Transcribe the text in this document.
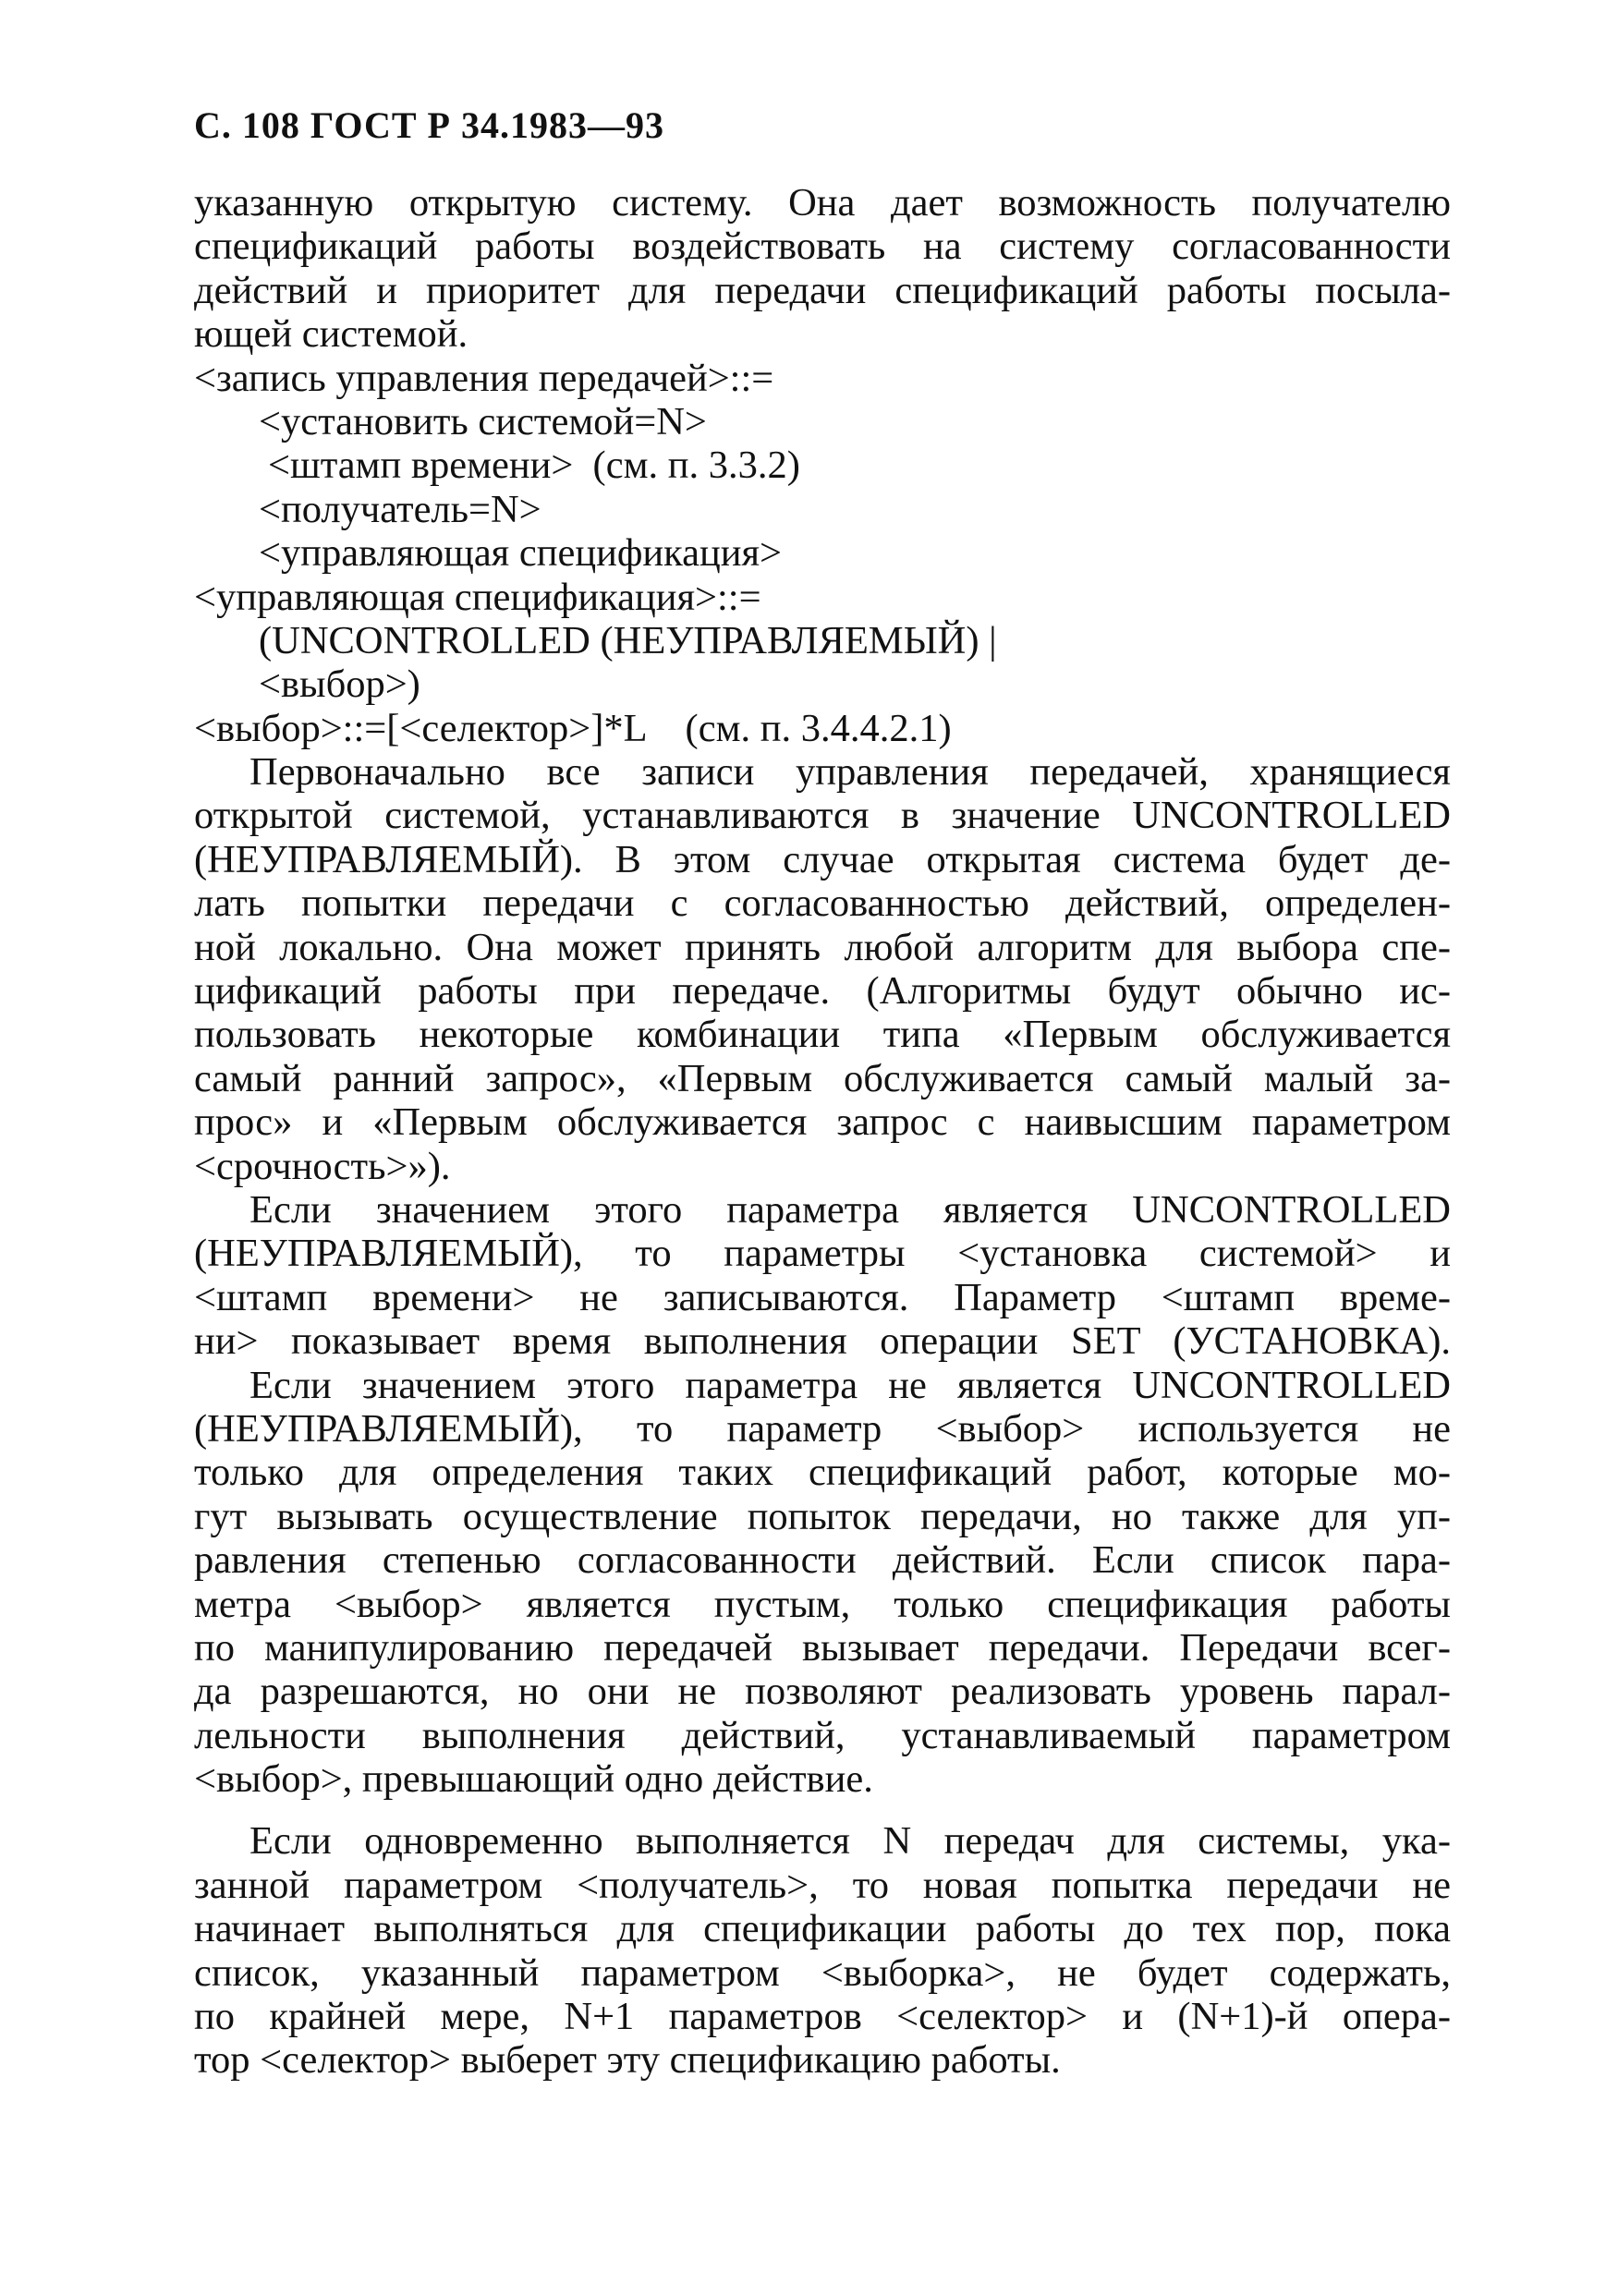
С. 108 ГОСТ Р 34.1983—93
указанную открытую систему. Она дает возможность получателю
спецификаций работы воздействовать на систему согласованности
действий и приоритет для передачи спецификаций работы посыла-
ющей системой.
<запись управления передачей>::=
<установить системой=N>
<штамп времени>  (см. п. 3.3.2)
<получатель=N>
<управляющая спецификация>
<управляющая спецификация>::=
(UNCONTROLLED (НЕУПРАВЛЯЕМЫЙ) |
<выбор>)
<выбор>::=[<селектор>]*L    (см. п. 3.4.4.2.1)
Первоначально все записи управления передачей, хранящиеся
открытой системой, устанавливаются в значение UNCONTROLLED
(НЕУПРАВЛЯЕМЫЙ). В этом случае открытая система будет де-
лать попытки передачи с согласованностью действий, определен-
ной локально. Она может принять любой алгоритм для выбора спе-
цификаций работы при передаче. (Алгоритмы будут обычно ис-
пользовать некоторые комбинации типа «Первым обслуживается
самый ранний запрос», «Первым обслуживается самый малый за-
прос» и «Первым обслуживается запрос с наивысшим параметром
<срочность>»).
Если значением этого параметра является UNCONTROLLED
(НЕУПРАВЛЯЕМЫЙ), то параметры <установка системой> и
<штамп времени> не записываются. Параметр <штамп време-
ни> показывает время выполнения операции SET (УСТАНОВКА).
Если значением этого параметра не является UNCONTROLLED
(НЕУПРАВЛЯЕМЫЙ), то параметр <выбор> используется не
только для определения таких спецификаций работ, которые мо-
гут вызывать осуществление попыток передачи, но также для уп-
равления степенью согласованности действий. Если список пара-
метра <выбор> является пустым, только спецификация работы
по манипулированию передачей вызывает передачи. Передачи всег-
да разрешаются, но они не позволяют реализовать уровень парал-
лельности выполнения действий, устанавливаемый параметром
<выбор>, превышающий одно действие.
Если одновременно выполняется N передач для системы, ука-
занной параметром <получатель>, то новая попытка передачи не
начинает выполняться для спецификации работы до тех пор, пока
список, указанный параметром <выборка>, не будет содержать,
по крайней мере, N+1 параметров <селектор> и (N+1)-й опера-
тор <селектор> выберет эту спецификацию работы.
